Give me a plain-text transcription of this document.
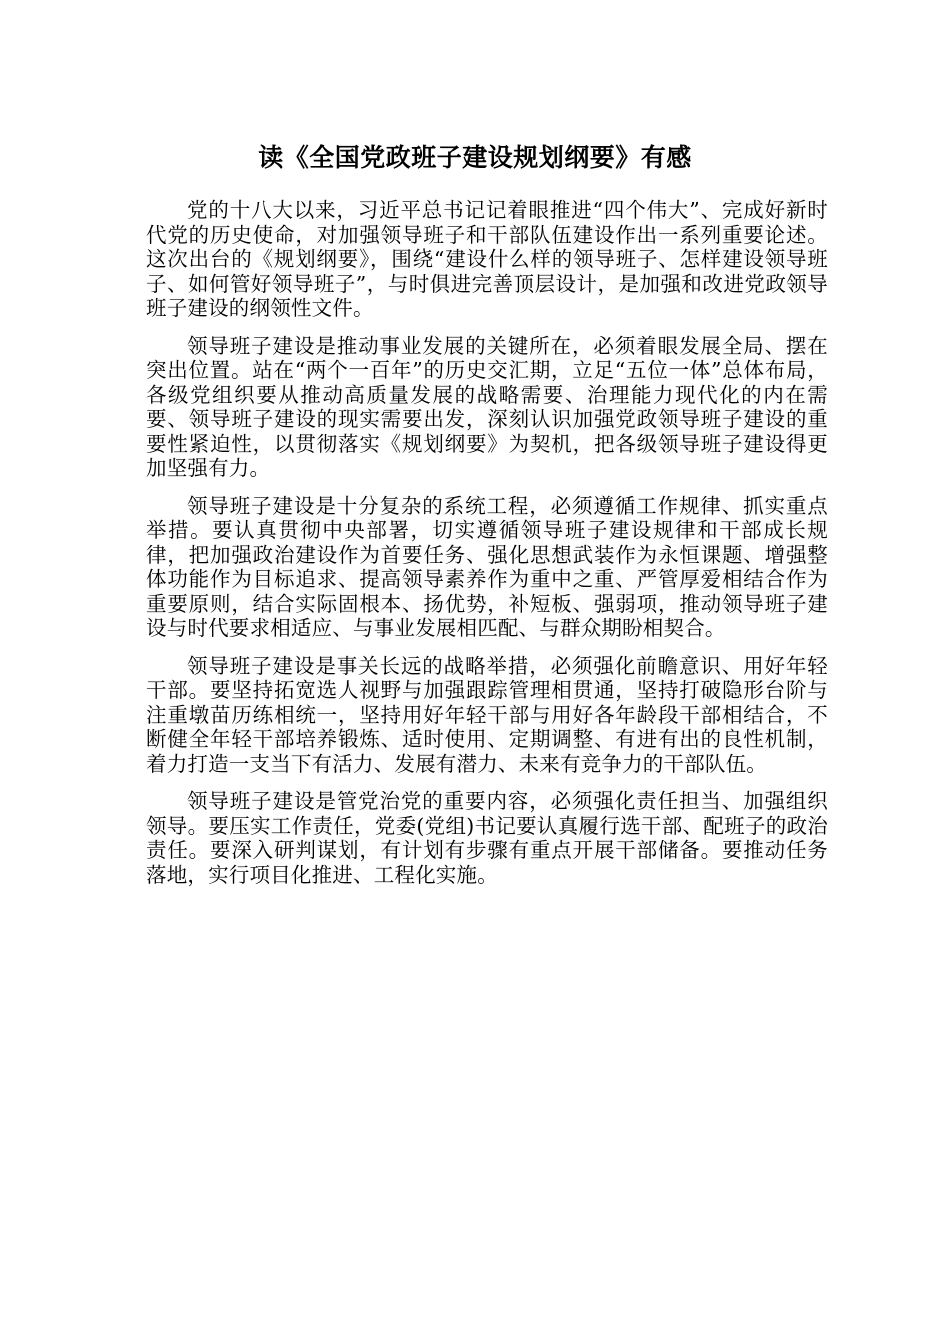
读《全国党政班子建设规划纲要》有感

党的十八大以来，习近平总书记记着眼推进“四个伟大”、完成好新时代党的历史使命，对加强领导班子和干部队伍建设作出一系列重要论述。这次出台的《规划纲要》，围绕“建设什么样的领导班子、怎样建设领导班子、如何管好领导班子”，与时俱进完善顶层设计，是加强和改进党政领导班子建设的纲领性文件。

领导班子建设是推动事业发展的关键所在，必须着眼发展全局、摆在突出位置。站在“两个一百年”的历史交汇期，立足“五位一体”总体布局，各级党组织要从推动高质量发展的战略需要、治理能力现代化的内在需要、领导班子建设的现实需要出发，深刻认识加强党政领导班子建设的重要性紧迫性，以贯彻落实《规划纲要》为契机，把各级领导班子建设得更加坚强有力。

领导班子建设是十分复杂的系统工程，必须遵循工作规律、抓实重点举措。要认真贯彻中央部署，切实遵循领导班子建设规律和干部成长规律，把加强政治建设作为首要任务、强化思想武装作为永恒课题、增强整体功能作为目标追求、提高领导素养作为重中之重、严管厚爱相结合作为重要原则，结合实际固根本、扬优势，补短板、强弱项，推动领导班子建设与时代要求相适应、与事业发展相匹配、与群众期盼相契合。

领导班子建设是事关长远的战略举措，必须强化前瞻意识、用好年轻干部。要坚持拓宽选人视野与加强跟踪管理相贯通，坚持打破隐形台阶与注重墩苗历练相统一，坚持用好年轻干部与用好各年龄段干部相结合，不断健全年轻干部培养锻炼、适时使用、定期调整、有进有出的良性机制，着力打造一支当下有活力、发展有潜力、未来有竞争力的干部队伍。

领导班子建设是管党治党的重要内容，必须强化责任担当、加强组织领导。要压实工作责任，党委(党组)书记要认真履行选干部、配班子的政治责任。要深入研判谋划，有计划有步骤有重点开展干部储备。要推动任务落地，实行项目化推进、工程化实施。
